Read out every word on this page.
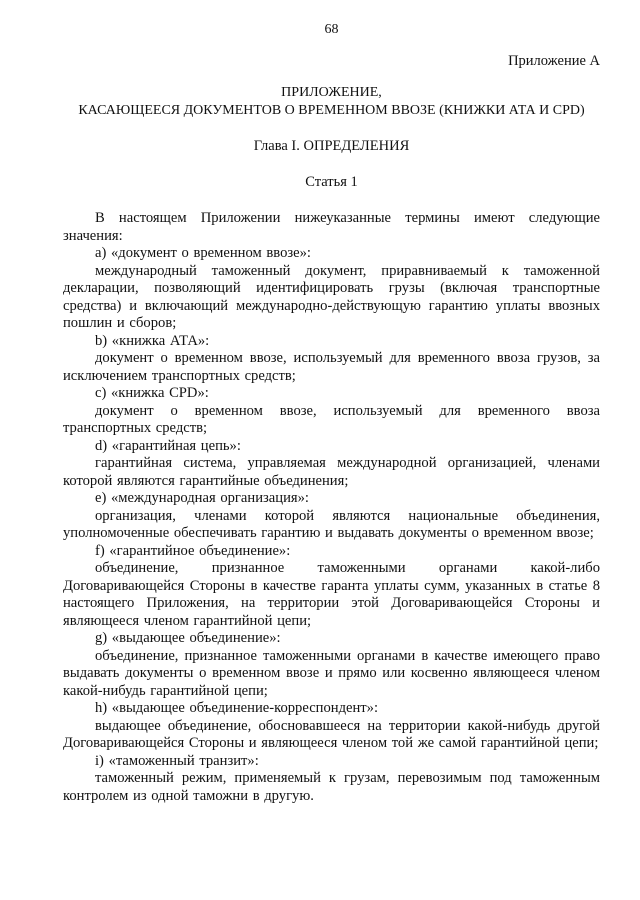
68
Приложение А
ПРИЛОЖЕНИЕ,
КАСАЮЩЕЕСЯ ДОКУМЕНТОВ О ВРЕМЕННОМ ВВОЗЕ (КНИЖКИ АТА И CPD)
Глава I. ОПРЕДЕЛЕНИЯ
Статья 1

В настоящем Приложении нижеуказанные термины имеют следующие значения:

a) «документ о временном ввозе»:

международный таможенный документ, приравниваемый к таможенной декларации, позволяющий идентифицировать грузы (включая транспортные средства) и включающий международно-действующую гарантию уплаты ввозных пошлин и сборов;

b) «книжка АТА»:

документ о временном ввозе, используемый для временного ввоза грузов, за исключением транспортных средств;

c) «книжка CPD»:

документ о временном ввозе, используемый для временного ввоза транспортных средств;

d) «гарантийная цепь»:

гарантийная система, управляемая международной организацией, членами которой являются гарантийные объединения;

e) «международная организация»:

организация, членами которой являются национальные объединения, уполномоченные обеспечивать гарантию и выдавать документы о временном ввозе;

f) «гарантийное объединение»:

объединение, признанное таможенными органами какой-либо Договаривающейся Стороны в качестве гаранта уплаты сумм, указанных в статье 8 настоящего Приложения, на территории этой Договаривающейся Стороны и являющееся членом гарантийной цепи;

g) «выдающее объединение»:

объединение, признанное таможенными органами в качестве имеющего право выдавать документы о временном ввозе и прямо или косвенно являющееся членом какой-нибудь гарантийной цепи;

h) «выдающее объединение-корреспондент»:

выдающее объединение, обосновавшееся на территории какой-нибудь другой Договаривающейся Стороны и являющееся членом той же самой гарантийной цепи;

i) «таможенный транзит»:

таможенный режим, применяемый к грузам, перевозимым под таможенным контролем из одной таможни в другую.
